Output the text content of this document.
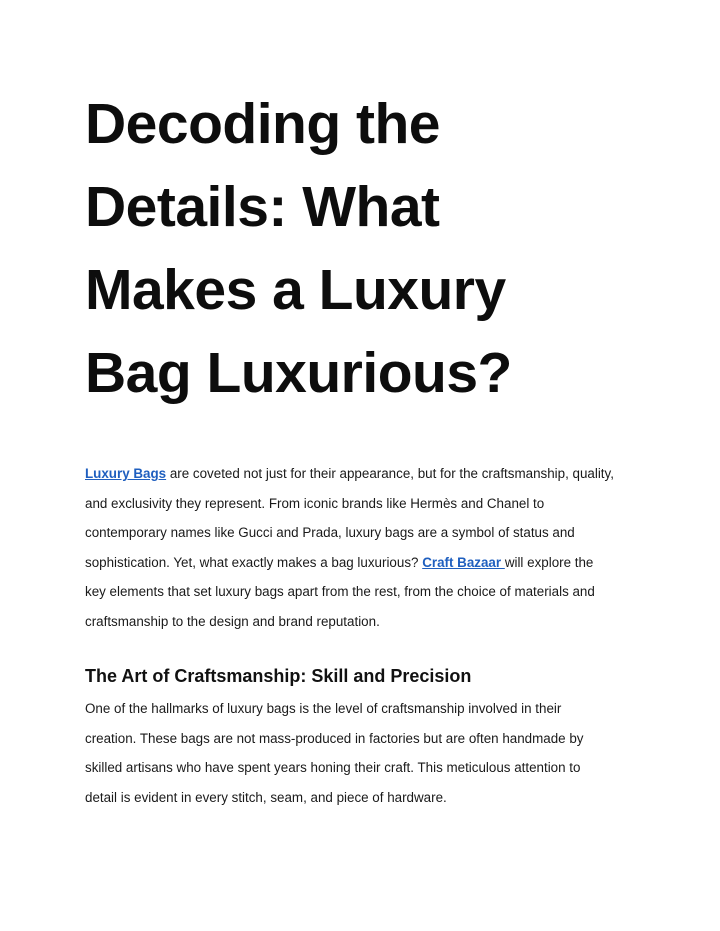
Decoding the
Details: What
Makes a Luxury
Bag Luxurious?

Luxury Bags are coveted not just for their appearance, but for the craftsmanship, quality,
and exclusivity they represent. From iconic brands like Hermès and Chanel to
contemporary names like Gucci and Prada, luxury bags are a symbol of status and
sophistication. Yet, what exactly makes a bag luxurious? Craft Bazaar will explore the
key elements that set luxury bags apart from the rest, from the choice of materials and
craftsmanship to the design and brand reputation.

The Art of Craftsmanship: Skill and Precision

One of the hallmarks of luxury bags is the level of craftsmanship involved in their
creation. These bags are not mass-produced in factories but are often handmade by
skilled artisans who have spent years honing their craft. This meticulous attention to
detail is evident in every stitch, seam, and piece of hardware.
